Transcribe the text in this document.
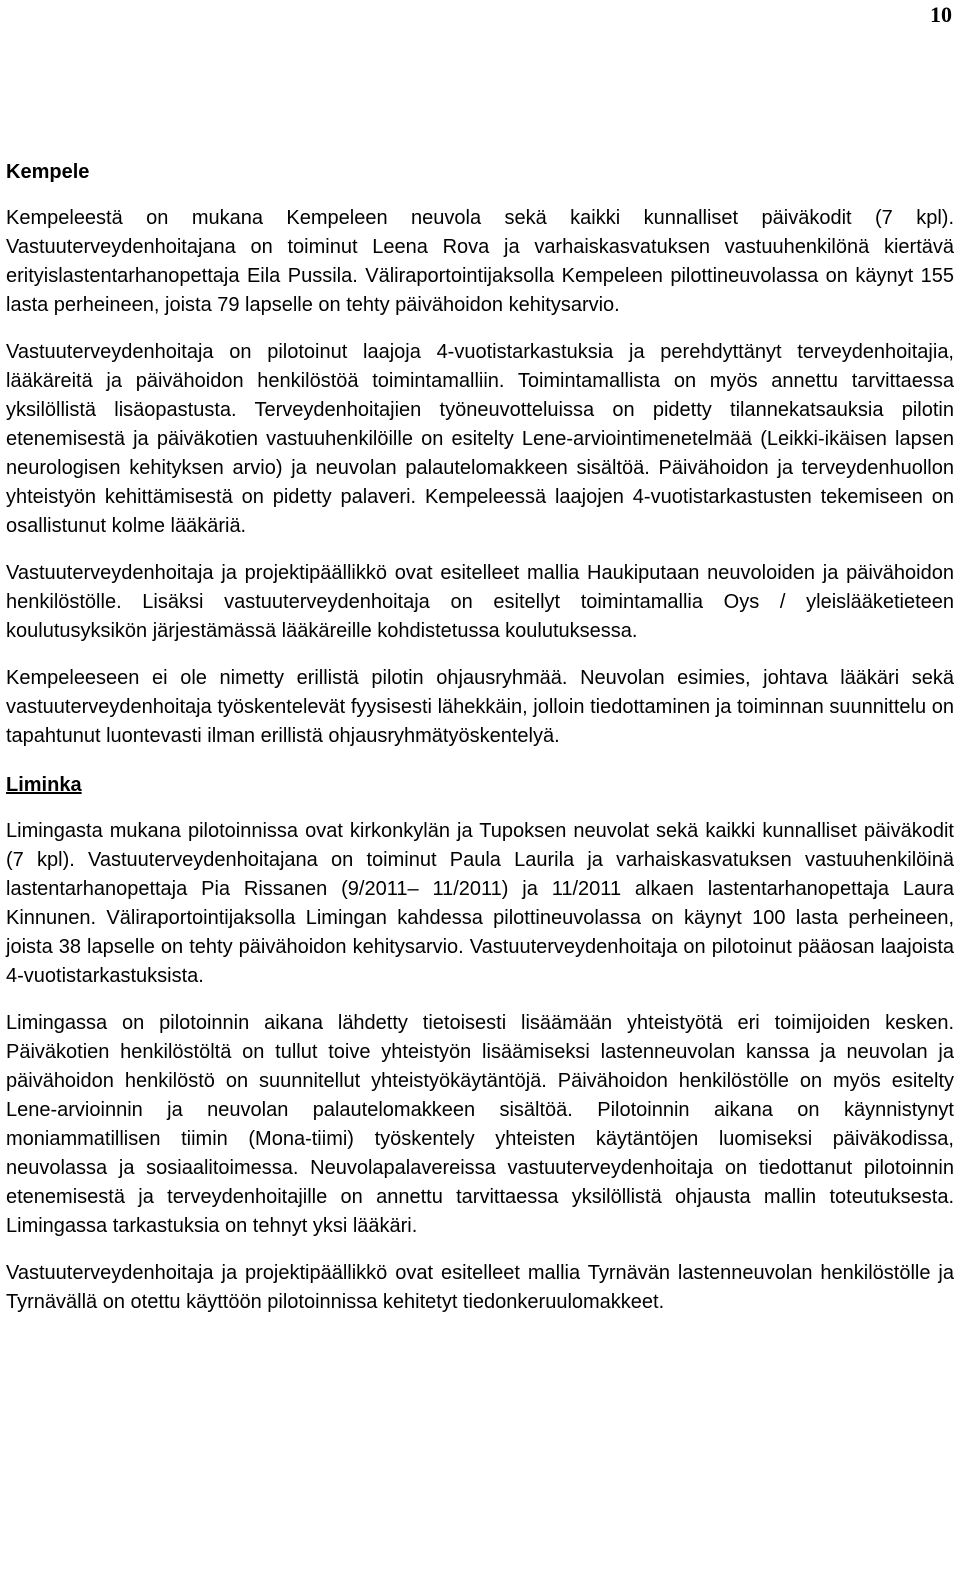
10
Kempele

Kempeleestä on mukana Kempeleen neuvola sekä kaikki kunnalliset päiväkodit (7 kpl). Vastuuterveydenhoitajana on toiminut Leena Rova ja varhaiskasvatuksen vastuuhenkilönä kiertävä erityislastentarhanopettaja Eila Pussila. Väliraportointijaksolla Kempeleen pilottineuvolassa on käynyt 155 lasta perheineen, joista 79 lapselle on tehty päivähoidon kehitysarvio.

Vastuuterveydenhoitaja on pilotoinut laajoja 4-vuotistarkastuksia ja perehdyttänyt terveydenhoitajia, lääkäreitä ja päivähoidon henkilöstöä toimintamalliin. Toimintamallista on myös annettu tarvittaessa yksilöllistä lisäopastusta. Terveydenhoitajien työneuvotteluissa on pidetty tilannekatsauksia pilotin etenemisestä ja päiväkotien vastuuhenkilöille on esitelty Lene-arviointimenetelmää (Leikki-ikäisen lapsen neurologisen kehityksen arvio) ja neuvolan palautelomakkeen sisältöä. Päivähoidon ja terveydenhuollon yhteistyön kehittämisestä on pidetty palaveri. Kempeleessä laajojen 4-vuotistarkastusten tekemiseen on osallistunut kolme lääkäriä.

Vastuuterveydenhoitaja ja projektipäällikkö ovat esitelleet mallia Haukiputaan neuvoloiden ja päivähoidon henkilöstölle. Lisäksi vastuuterveydenhoitaja on esitellyt toimintamallia Oys / yleislääketieteen koulutusyksikön järjestämässä lääkäreille kohdistetussa koulutuksessa.

Kempeleeseen ei ole nimetty erillistä pilotin ohjausryhmää. Neuvolan esimies, johtava lääkäri sekä vastuuterveydenhoitaja työskentelevät fyysisesti lähekkäin, jolloin tiedottaminen ja toiminnan suunnittelu on tapahtunut luontevasti ilman erillistä ohjausryhmätyöskentelyä.

Liminka

Limingasta mukana pilotoinnissa ovat kirkonkylän ja Tupoksen neuvolat sekä kaikki kunnalliset päiväkodit (7 kpl). Vastuuterveydenhoitajana on toiminut Paula Laurila ja varhaiskasvatuksen vastuuhenkilöinä lastentarhanopettaja Pia Rissanen (9/2011– 11/2011) ja 11/2011 alkaen lastentarhanopettaja Laura Kinnunen. Väliraportointijaksolla Limingan kahdessa pilottineuvolassa on käynyt 100 lasta perheineen, joista 38 lapselle on tehty päivähoidon kehitysarvio. Vastuuterveydenhoitaja on pilotoinut pääosan laajoista 4-vuotistarkastuksista.

Limingassa on pilotoinnin aikana lähdetty tietoisesti lisäämään yhteistyötä eri toimijoiden kesken. Päiväkotien henkilöstöltä on tullut toive yhteistyön lisäämiseksi lastenneuvolan kanssa ja neuvolan ja päivähoidon henkilöstö on suunnitellut yhteistyökäytäntöjä. Päivähoidon henkilöstölle on myös esitelty Lene-arvioinnin ja neuvolan palautelomakkeen sisältöä. Pilotoinnin aikana on käynnistynyt moniammatillisen tiimin (Mona-tiimi) työskentely yhteisten käytäntöjen luomiseksi päiväkodissa, neuvolassa ja sosiaalitoimessa. Neuvolapalavereissa vastuuterveydenhoitaja on tiedottanut pilotoinnin etenemisestä ja terveydenhoitajille on annettu tarvittaessa yksilöllistä ohjausta mallin toteutuksesta. Limingassa tarkastuksia on tehnyt yksi lääkäri.

Vastuuterveydenhoitaja ja projektipäällikkö ovat esitelleet mallia Tyrnävän lastenneuvolan henkilöstölle ja Tyrnävällä on otettu käyttöön pilotoinnissa kehitetyt tiedonkeruulomakkeet.
